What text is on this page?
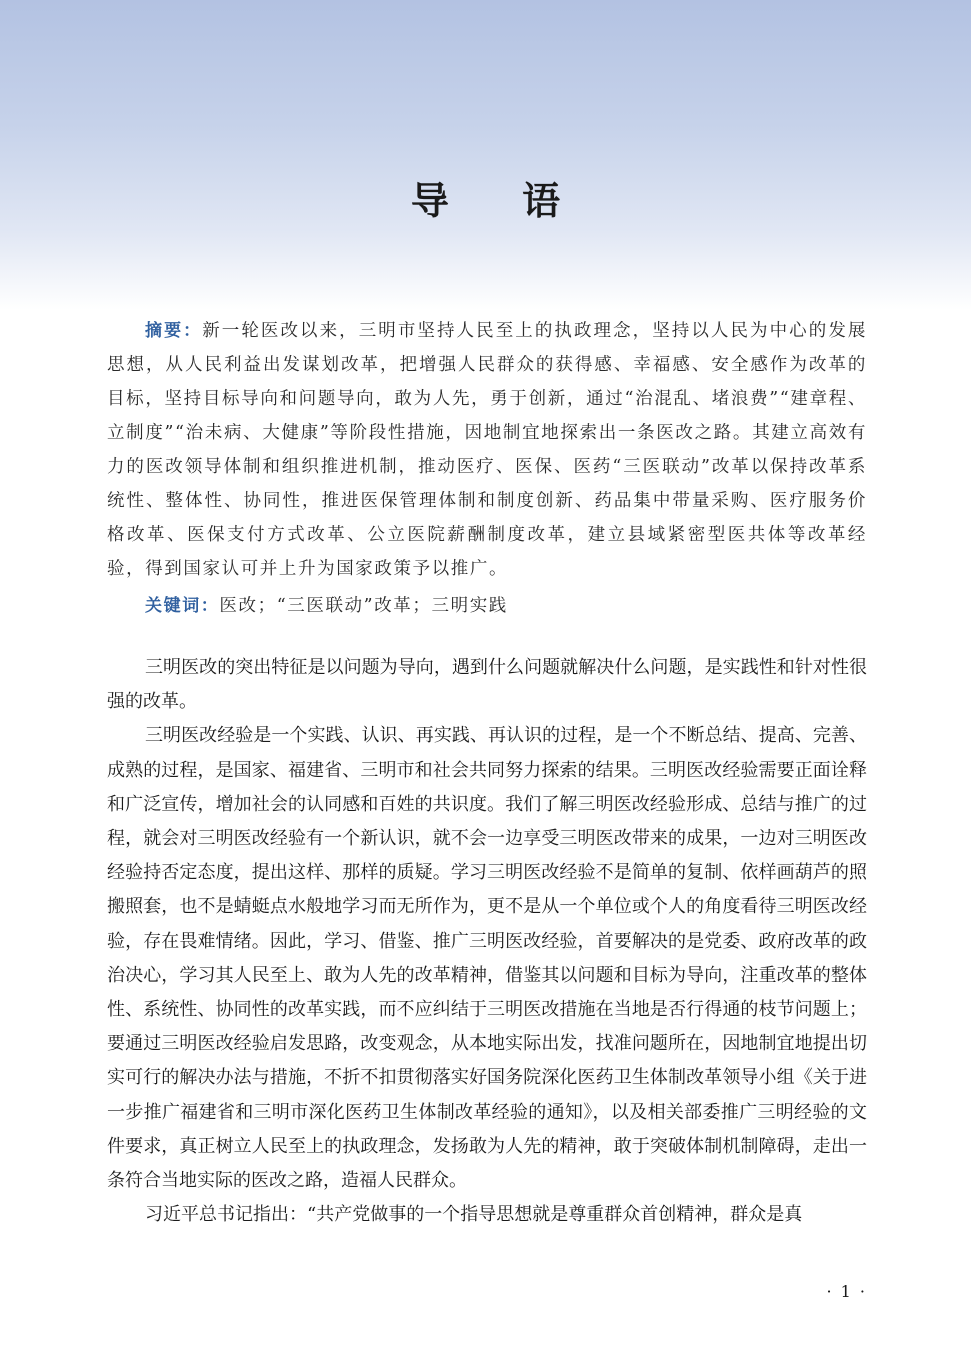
导 语

摘要：新一轮医改以来，三明市坚持人民至上的执政理念，坚持以人民为中心的发展思想，从人民利益出发谋划改革，把增强人民群众的获得感、幸福感、安全感作为改革的目标，坚持目标导向和问题导向，敢为人先，勇于创新，通过“治混乱、堵浪费”“建章程、立制度”“治未病、大健康”等阶段性措施，因地制宜地探索出一条医改之路。其建立高效有力的医改领导体制和组织推进机制，推动医疗、医保、医药“三医联动”改革以保持改革系统性、整体性、协同性，推进医保管理体制和制度创新、药品集中带量采购、医疗服务价格改革、医保支付方式改革、公立医院薪酬制度改革，建立县域紧密型医共体等改革经验，得到国家认可并上升为国家政策予以推广。

关键词：医改；“三医联动”改革；三明实践

三明医改的突出特征是以问题为导向，遇到什么问题就解决什么问题，是实践性和针对性很强的改革。

三明医改经验是一个实践、认识、再实践、再认识的过程，是一个不断总结、提高、完善、成熟的过程，是国家、福建省、三明市和社会共同努力探索的结果。三明医改经验需要正面诠释和广泛宣传，增加社会的认同感和百姓的共识度。我们了解三明医改经验形成、总结与推广的过程，就会对三明医改经验有一个新认识，就不会一边享受三明医改带来的成果，一边对三明医改经验持否定态度，提出这样、那样的质疑。学习三明医改经验不是简单的复制、依样画葫芦的照搬照套，也不是蜻蜓点水般地学习而无所作为，更不是从一个单位或个人的角度看待三明医改经验，存在畏难情绪。因此，学习、借鉴、推广三明医改经验，首要解决的是党委、政府改革的政治决心，学习其人民至上、敢为人先的改革精神，借鉴其以问题和目标为导向，注重改革的整体性、系统性、协同性的改革实践，而不应纠结于三明医改措施在当地是否行得通的枝节问题上；要通过三明医改经验启发思路，改变观念，从本地实际出发，找准问题所在，因地制宜地提出切实可行的解决办法与措施，不折不扣贯彻落实好国务院深化医药卫生体制改革领导小组《关于进一步推广福建省和三明市深化医药卫生体制改革经验的通知》，以及相关部委推广三明经验的文件要求，真正树立人民至上的执政理念，发扬敢为人先的精神，敢于突破体制机制障碍，走出一条符合当地实际的医改之路，造福人民群众。

习近平总书记指出：“共产党做事的一个指导思想就是尊重群众首创精神，群众是真

· 1 ·
